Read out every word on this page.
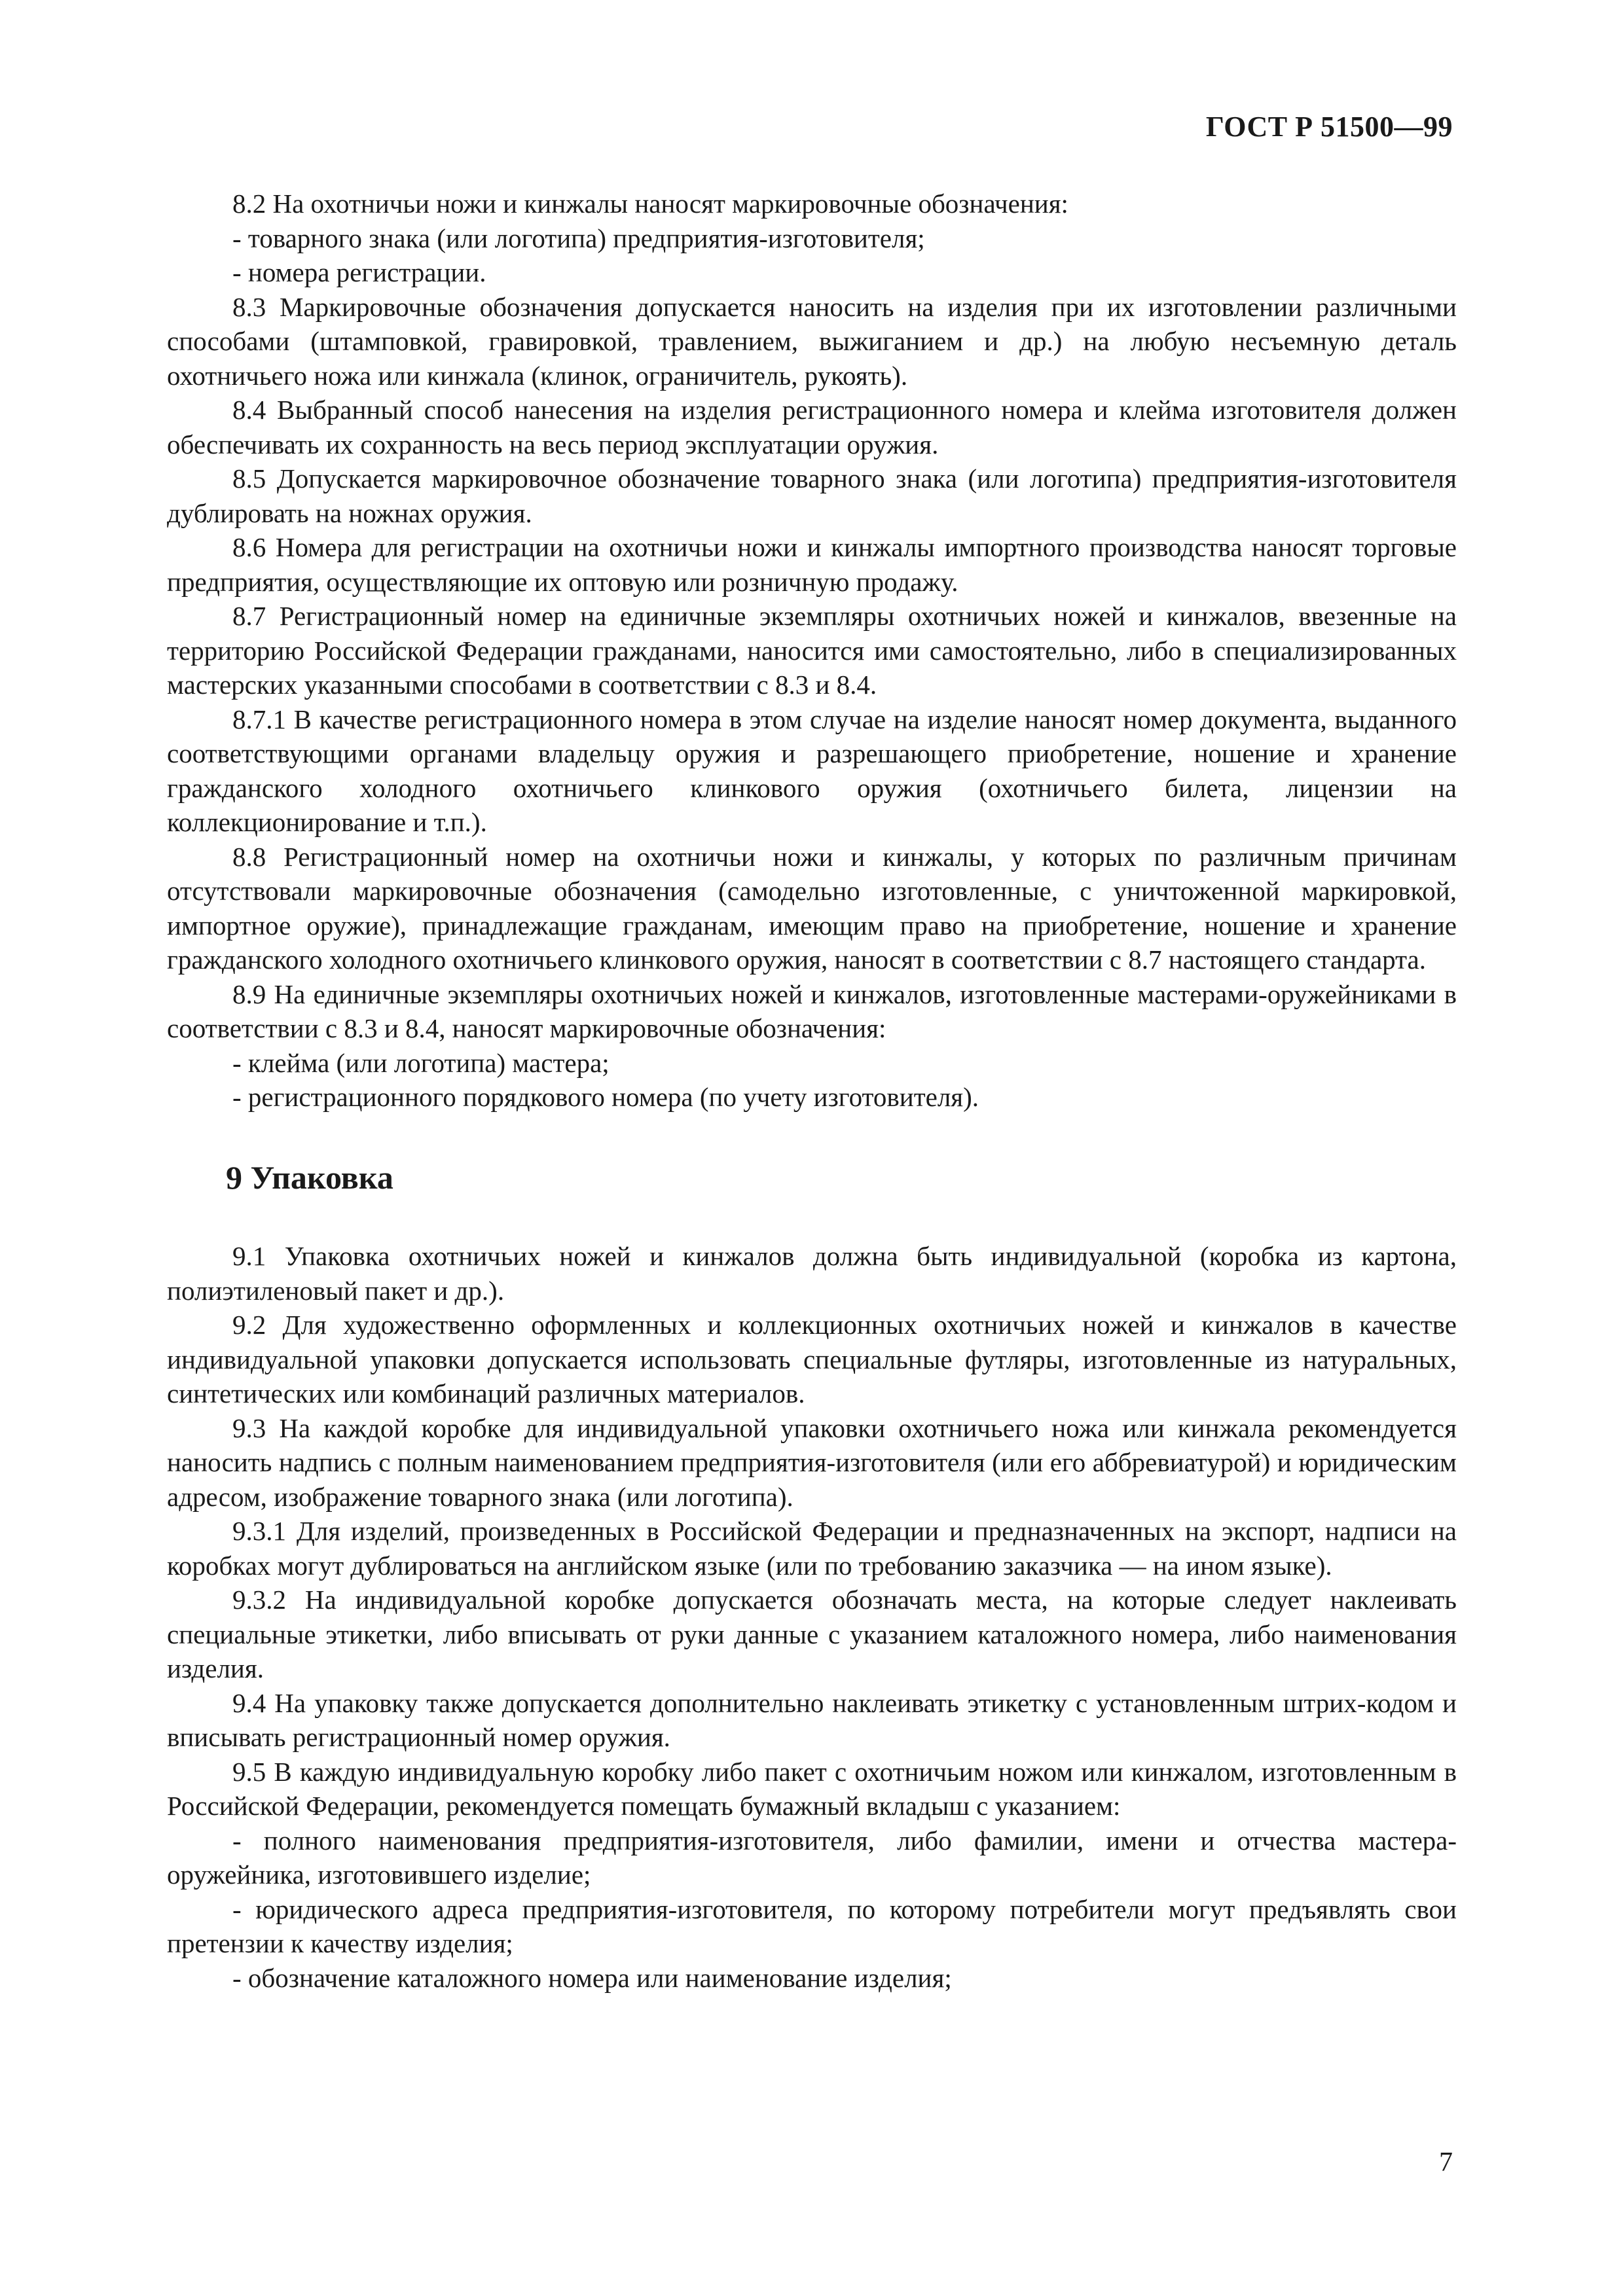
ГОСТ Р 51500—99

8.2 На охотничьи ножи и кинжалы наносят маркировочные обозначения:

- товарного знака (или логотипа) предприятия-изготовителя;

- номера регистрации.

8.3 Маркировочные обозначения допускается наносить на изделия при их изготовлении различными способами (штамповкой, гравировкой, травлением, выжиганием и др.) на любую несъемную деталь охотничьего ножа или кинжала (клинок, ограничитель, рукоять).

8.4 Выбранный способ нанесения на изделия регистрационного номера и клейма изготовителя должен обеспечивать их сохранность на весь период эксплуатации оружия.

8.5 Допускается маркировочное обозначение товарного знака (или логотипа) предприятия-изготовителя дублировать на ножнах оружия.

8.6 Номера для регистрации на охотничьи ножи и кинжалы импортного производства наносят торговые предприятия, осуществляющие их оптовую или розничную продажу.

8.7 Регистрационный номер на единичные экземпляры охотничьих ножей и кинжалов, ввезенные на территорию Российской Федерации гражданами, наносится ими самостоятельно, либо в специализированных мастерских указанными способами в соответствии с 8.3 и 8.4.

8.7.1 В качестве регистрационного номера в этом случае на изделие наносят номер документа, выданного соответствующими органами владельцу оружия и разрешающего приобретение, ношение и хранение гражданского холодного охотничьего клинкового оружия (охотничьего билета, лицензии на коллекционирование и т.п.).

8.8 Регистрационный номер на охотничьи ножи и кинжалы, у которых по различным причинам отсутствовали маркировочные обозначения (самодельно изготовленные, с уничтоженной маркировкой, импортное оружие), принадлежащие гражданам, имеющим право на приобретение, ношение и хранение гражданского холодного охотничьего клинкового оружия, наносят в соответствии с 8.7 настоящего стандарта.

8.9 На единичные экземпляры охотничьих ножей и кинжалов, изготовленные мастерами-оружейниками в соответствии с 8.3 и 8.4, наносят маркировочные обозначения:

- клейма (или логотипа) мастера;

- регистрационного порядкового номера (по учету изготовителя).

9 Упаковка

9.1 Упаковка охотничьих ножей и кинжалов должна быть индивидуальной (коробка из картона, полиэтиленовый пакет и др.).

9.2 Для художественно оформленных и коллекционных охотничьих ножей и кинжалов в качестве индивидуальной упаковки допускается использовать специальные футляры, изготовленные из натуральных, синтетических или комбинаций различных материалов.

9.3 На каждой коробке для индивидуальной упаковки охотничьего ножа или кинжала рекомендуется наносить надпись с полным наименованием предприятия-изготовителя (или его аббревиатурой) и юридическим адресом, изображение товарного знака (или логотипа).

9.3.1 Для изделий, произведенных в Российской Федерации и предназначенных на экспорт, надписи на коробках могут дублироваться на английском языке (или по требованию заказчика — на ином языке).

9.3.2 На индивидуальной коробке допускается обозначать места, на которые следует наклеивать специальные этикетки, либо вписывать от руки данные с указанием каталожного номера, либо наименования изделия.

9.4 На упаковку также допускается дополнительно наклеивать этикетку с установленным штрих-кодом и вписывать регистрационный номер оружия.

9.5 В каждую индивидуальную коробку либо пакет с охотничьим ножом или кинжалом, изготовленным в Российской Федерации, рекомендуется помещать бумажный вкладыш с указанием:

- полного наименования предприятия-изготовителя, либо фамилии, имени и отчества мастера-оружейника, изготовившего изделие;

- юридического адреса предприятия-изготовителя, по которому потребители могут предъявлять свои претензии к качеству изделия;

- обозначение каталожного номера или наименование изделия;

7
